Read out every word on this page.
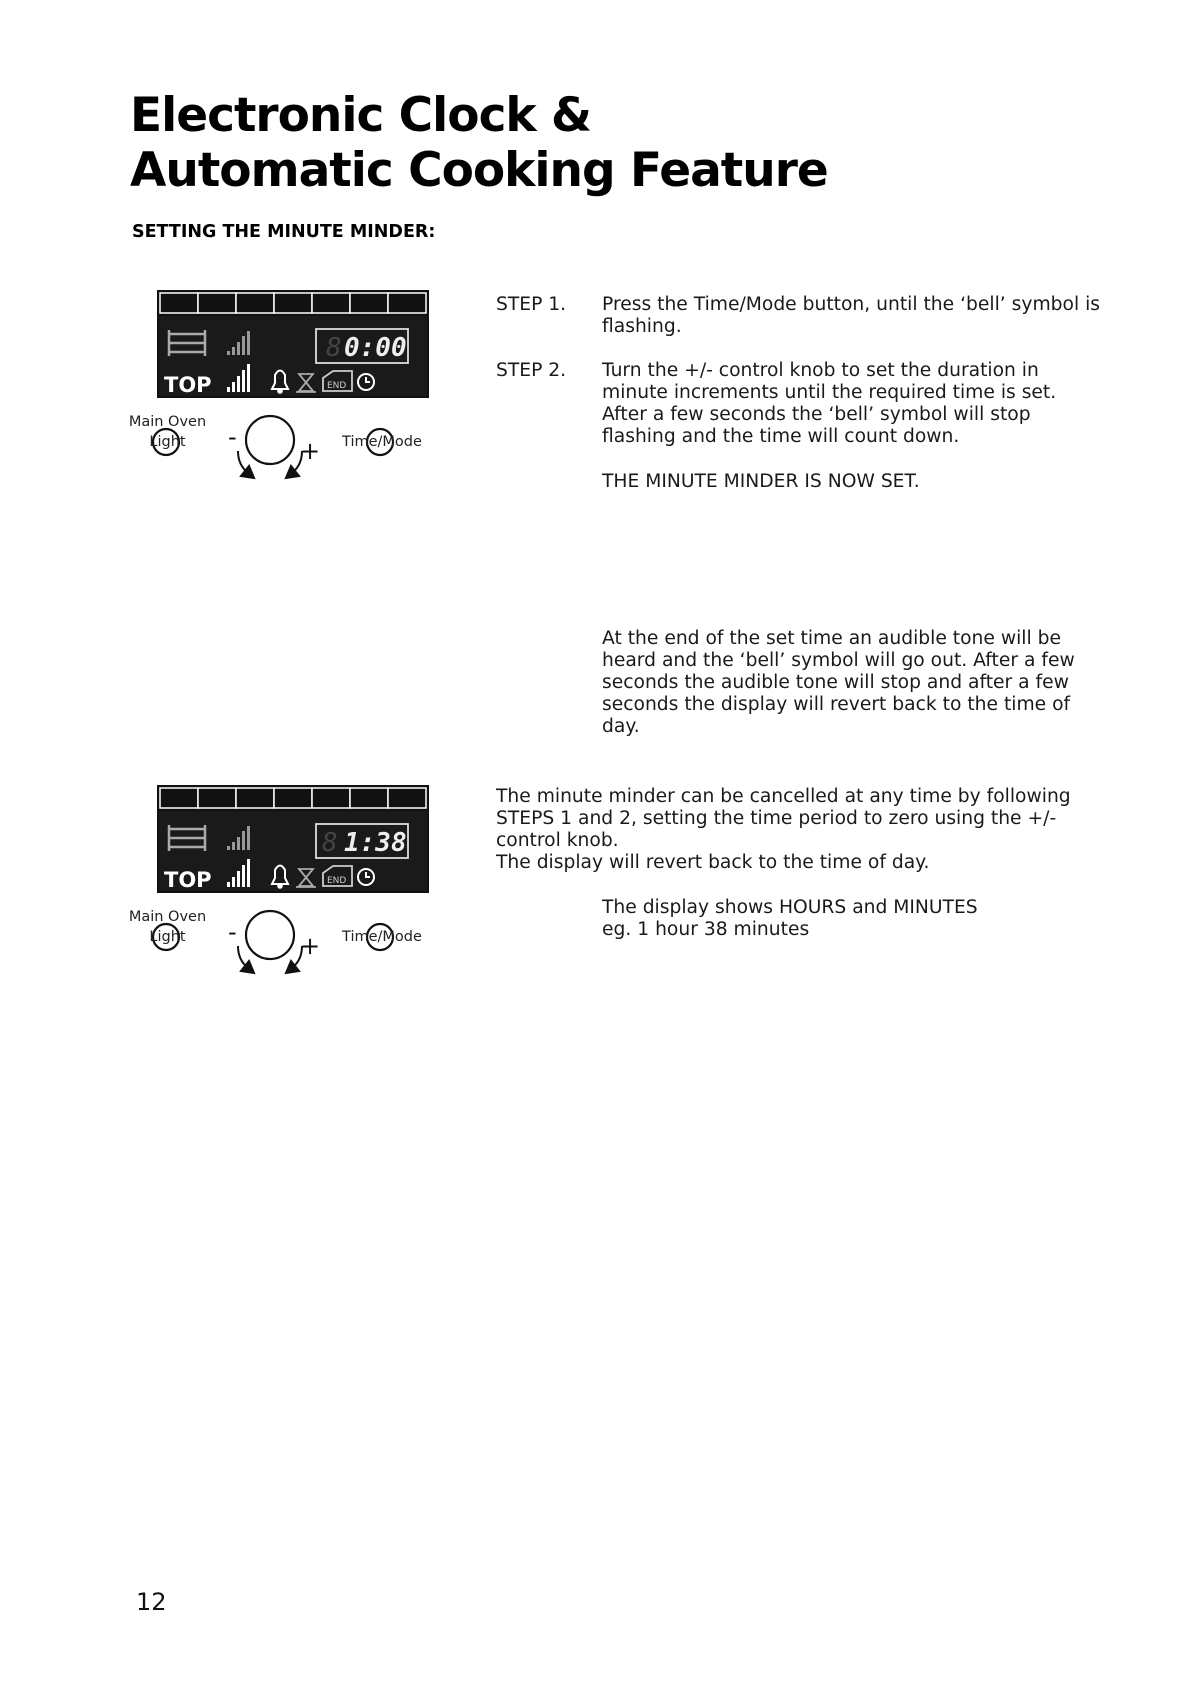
Electronic Clock &
Automatic Cooking Feature
SETTING THE MINUTE MINDER:
8 0:00
TOP	END
-	+
Main Oven
Light	Time/Mode
8 1:38
TOP	END
-	+
Main Oven
Light	Time/Mode
STEP 1. Press the Time/Mode button, until the ‘bell’ symbol is
flashing.
STEP 2. Turn the +/- control knob to set the duration in
minute increments until the required time is set.
After a few seconds the ‘bell’ symbol will stop
flashing and the time will count down.
THE MINUTE MINDER IS NOW SET.
At the end of the set time an audible tone will be
heard and the ‘bell’ symbol will go out. After a few
seconds the audible tone will stop and after a few
seconds the display will revert back to the time of
day.
The minute minder can be cancelled at any time by following
STEPS 1 and 2, setting the time period to zero using the +/-
control knob.
The display will revert back to the time of day.
The display shows HOURS and MINUTES
eg. 1 hour 38 minutes
12
